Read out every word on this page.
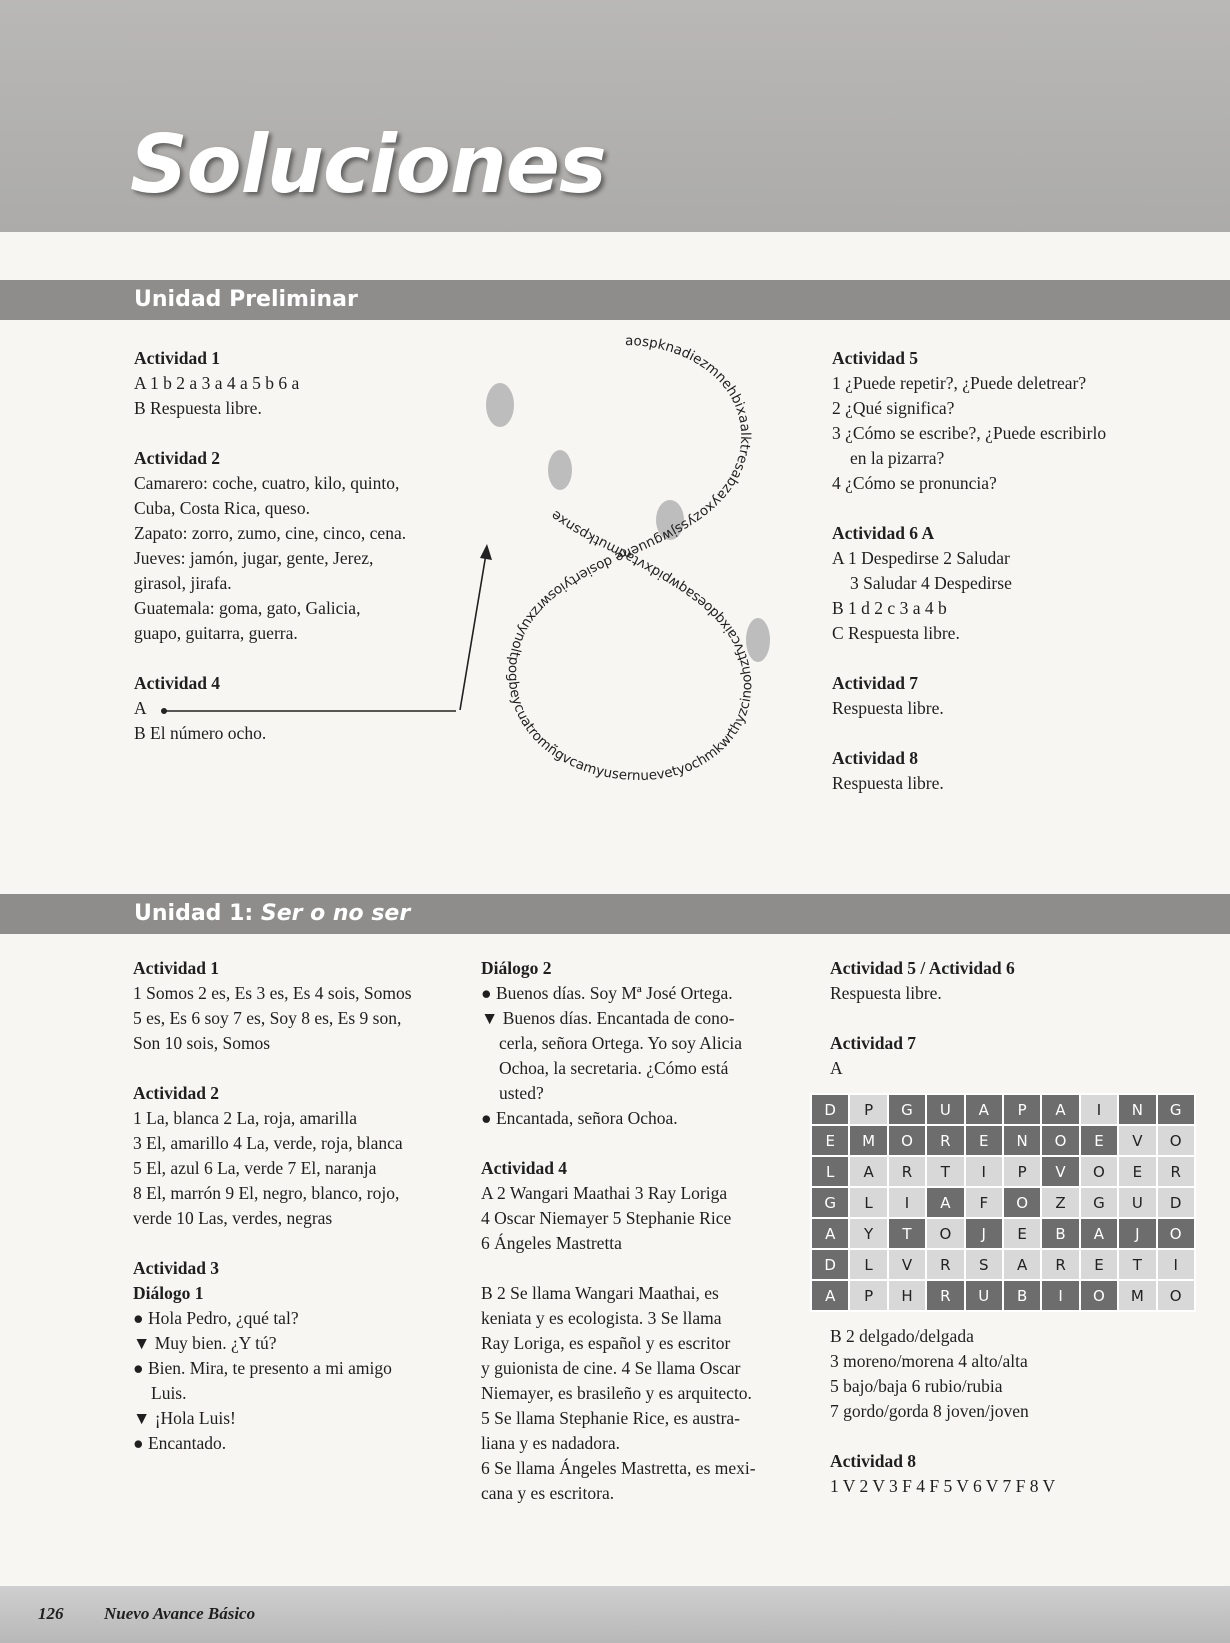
Soluciones
Unidad Preliminar

Actividad 1

A 1 b 2 a 3 a 4 a 5 b 6 a

B Respuesta libre.

Actividad 2

Camarero: coche, cuatro, kilo, quinto,

Cuba, Costa Rica, queso.

Zapato: zorro, zumo, cine, cinco, cena.

Jueves: jamón, jugar, gente, Jerez,

girasol, jirafa.

Guatemala: goma, gato, Galicia,

guapo, guitarra, guerra.

Actividad 4

A

B El número ocho.

Actividad 5

1 ¿Puede repetir?, ¿Puede deletrear?

2 ¿Qué significa?

3 ¿Cómo se escribe?, ¿Puede escribirlo

en la pizarra?

4 ¿Cómo se pronuncia?

Actividad 6 A

A 1 Despedirse 2 Saludar

3 Saludar 4 Despedirse

B 1 d 2 c 3 a 4 b

C Respuesta libre.

Actividad 7

Respuesta libre.

Actividad 8

Respuesta libre.

aospknadiezmnehbixaalktresabzayxozyssjwguuene dosiertyioswrzxuynoltpogbeycuatromñgvcamyusernuevetyochmkwrthyzcinoohztfvcaixqdoesaqwpidxvtadmutkpsnxe
Unidad 1: Ser o no ser

Actividad 1

1 Somos 2 es, Es 3 es, Es 4 sois, Somos

5 es, Es 6 soy 7 es, Soy 8 es, Es 9 son,

Son 10 sois, Somos

Actividad 2

1 La, blanca 2 La, roja, amarilla

3 El, amarillo 4 La, verde, roja, blanca

5 El, azul 6 La, verde 7 El, naranja

8 El, marrón 9 El, negro, blanco, rojo,

verde 10 Las, verdes, negras

Actividad 3

Diálogo 1

● Hola Pedro, ¿qué tal?

▼ Muy bien. ¿Y tú?

● Bien. Mira, te presento a mi amigo

Luis.

▼ ¡Hola Luis!

● Encantado.

Diálogo 2

● Buenos días. Soy Mª José Ortega.

▼ Buenos días. Encantada de cono-

cerla, señora Ortega. Yo soy Alicia

Ochoa, la secretaria. ¿Cómo está

usted?

● Encantada, señora Ochoa.

Actividad 4

A 2 Wangari Maathai 3 Ray Loriga

4 Oscar Niemayer 5 Stephanie Rice

6 Ángeles Mastretta

B 2 Se llama Wangari Maathai, es

keniata y es ecologista. 3 Se llama

Ray Loriga, es español y es escritor

y guionista de cine. 4 Se llama Oscar

Niemayer, es brasileño y es arquitecto.

5 Se llama Stephanie Rice, es austra-

liana y es nadadora.

6 Se llama Ángeles Mastretta, es mexi-

cana y es escritora.

Actividad 5 / Actividad 6

Respuesta libre.

Actividad 7

A

D	P	G	U	A	P	A	I	N	G
E	M	O	R	E	N	O	E	V	O
L	A	R	T	I	P	V	O	E	R
G	L	I	A	F	O	Z	G	U	D
A	Y	T	O	J	E	B	A	J	O
D	L	V	R	S	A	R	E	T	I
A	P	H	R	U	B	I	O	M	O

B 2 delgado/delgada

3 moreno/morena 4 alto/alta

5 bajo/baja 6 rubio/rubia

7 gordo/gorda 8 joven/joven

Actividad 8

1 V 2 V 3 F 4 F 5 V 6 V 7 F 8 V

126 Nuevo Avance Básico
